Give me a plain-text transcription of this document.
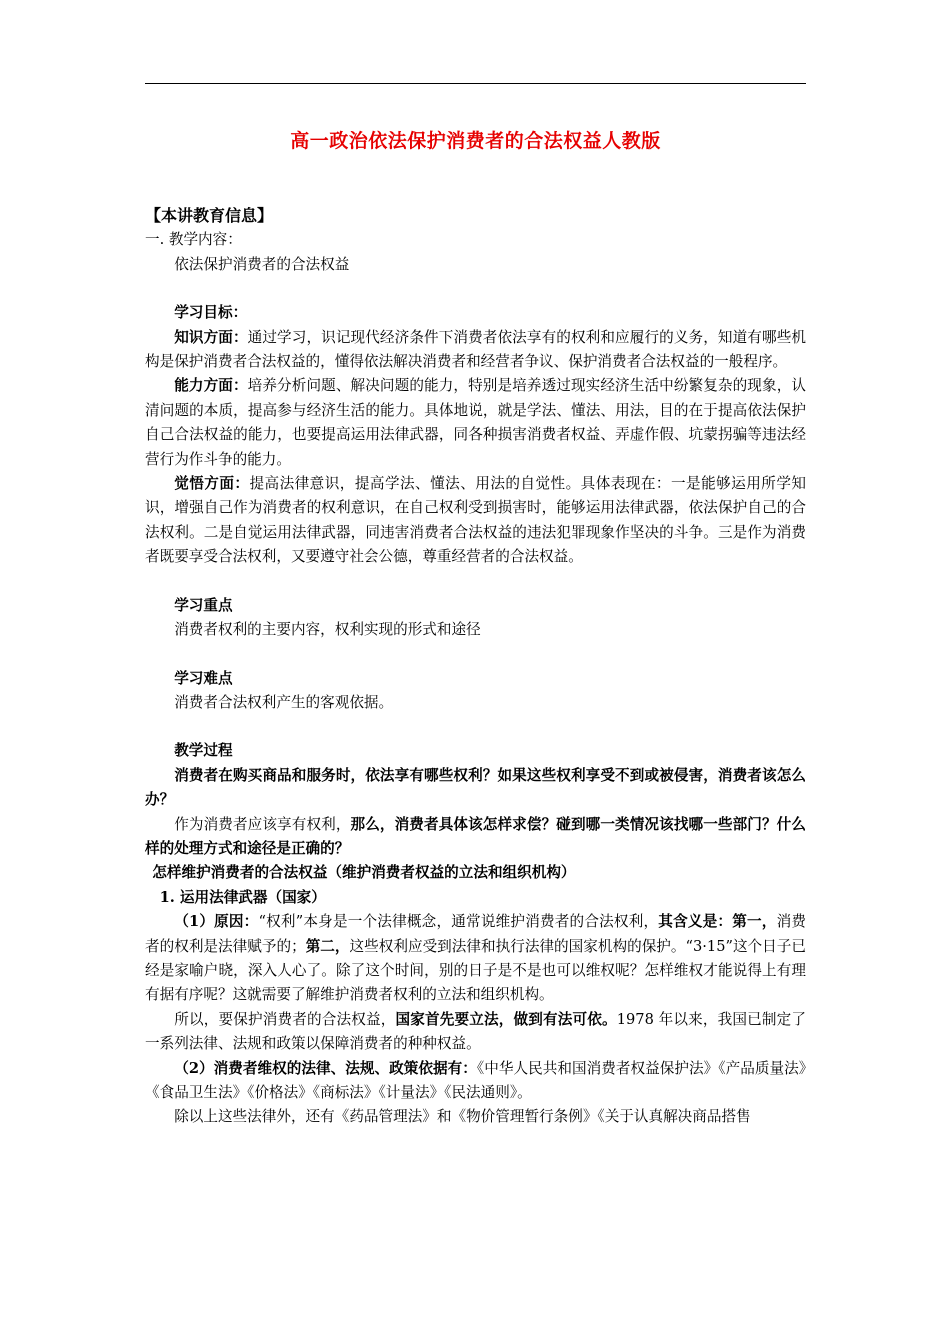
高一政治依法保护消费者的合法权益人教版

【本讲教育信息】

一. 教学内容：

依法保护消费者的合法权益

学习目标：

知识方面：通过学习，识记现代经济条件下消费者依法享有的权利和应履行的义务，知道有哪些机构是保护消费者合法权益的，懂得依法解决消费者和经营者争议、保护消费者合法权益的一般程序。

能力方面：培养分析问题、解决问题的能力，特别是培养透过现实经济生活中纷繁复杂的现象，认清问题的本质，提高参与经济生活的能力。具体地说，就是学法、懂法、用法，目的在于提高依法保护自己合法权益的能力，也要提高运用法律武器，同各种损害消费者权益、弄虚作假、坑蒙拐骗等违法经营行为作斗争的能力。

觉悟方面：提高法律意识，提高学法、懂法、用法的自觉性。具体表现在：一是能够运用所学知识，增强自己作为消费者的权利意识，在自己权利受到损害时，能够运用法律武器，依法保护自己的合法权利。二是自觉运用法律武器，同违害消费者合法权益的违法犯罪现象作坚决的斗争。三是作为消费者既要享受合法权利，又要遵守社会公德，尊重经营者的合法权益。

学习重点

消费者权利的主要内容，权利实现的形式和途径

学习难点

消费者合法权利产生的客观依据。

教学过程

消费者在购买商品和服务时，依法享有哪些权利？如果这些权利享受不到或被侵害，消费者该怎么办？

作为消费者应该享有权利，那么，消费者具体该怎样求偿？碰到哪一类情况该找哪一些部门？什么样的处理方式和途径是正确的？

怎样维护消费者的合法权益（维护消费者权益的立法和组织机构）

1. 运用法律武器（国家）

（1）原因：“权利”本身是一个法律概念，通常说维护消费者的合法权利，其含义是：第一，消费者的权利是法律赋予的；第二，这些权利应受到法律和执行法律的国家机构的保护。“3·15”这个日子已经是家喻户晓，深入人心了。除了这个时间，别的日子是不是也可以维权呢？怎样维权才能说得上有理有据有序呢？这就需要了解维护消费者权利的立法和组织机构。

所以，要保护消费者的合法权益，国家首先要立法，做到有法可依。1978 年以来，我国已制定了一系列法律、法规和政策以保障消费者的种种权益。

（2）消费者维权的法律、法规、政策依据有：《中华人民共和国消费者权益保护法》《产品质量法》《食品卫生法》《价格法》《商标法》《计量法》《民法通则》。

除以上这些法律外，还有《药品管理法》和《物价管理暂行条例》《关于认真解决商品搭售
